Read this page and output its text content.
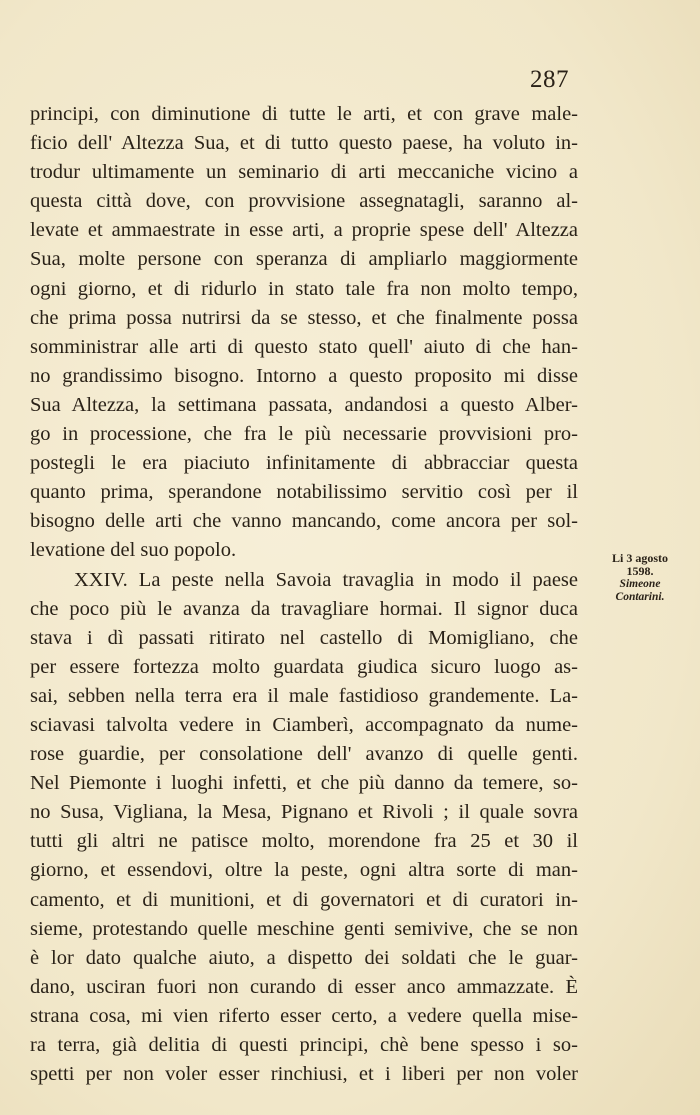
287
principi, con diminutione di tutte le arti, et con grave male-
ficio dell' Altezza Sua, et di tutto questo paese, ha voluto in-
trodur ultimamente un seminario di arti meccaniche vicino a
questa città dove, con provvisione assegnatagli, saranno al-
levate et ammaestrate in esse arti, a proprie spese dell' Altezza
Sua, molte persone con speranza di ampliarlo maggiormente
ogni giorno, et di ridurlo in stato tale fra non molto tempo,
che prima possa nutrirsi da se stesso, et che finalmente possa
somministrar alle arti di questo stato quell' aiuto di che han-
no grandissimo bisogno. Intorno a questo proposito mi disse
Sua Altezza, la settimana passata, andandosi a questo Alber-
go in processione, che fra le più necessarie provvisioni pro-
postegli le era piaciuto infinitamente di abbracciar questa
quanto prima, sperandone notabilissimo servitio così per il
bisogno delle arti che vanno mancando, come ancora per sol-
levatione del suo popolo.
XXIV. La peste nella Savoia travaglia in modo il paese
che poco più le avanza da travagliare hormai. Il signor duca
stava i dì passati ritirato nel castello di Momigliano, che
per essere fortezza molto guardata giudica sicuro luogo as-
sai, sebben nella terra era il male fastidioso grandemente. La-
sciavasi talvolta vedere in Ciamberì, accompagnato da nume-
rose guardie, per consolatione dell' avanzo di quelle genti.
Nel Piemonte i luoghi infetti, et che più danno da temere, so-
no Susa, Vigliana, la Mesa, Pignano et Rivoli ; il quale sovra
tutti gli altri ne patisce molto, morendone fra 25 et 30 il
giorno, et essendovi, oltre la peste, ogni altra sorte di man-
camento, et di munitioni, et di governatori et di curatori in-
sieme, protestando quelle meschine genti semivive, che se non
è lor dato qualche aiuto, a dispetto dei soldati che le guar-
dano, usciran fuori non curando di esser anco ammazzate. È
strana cosa, mi vien riferto esser certo, a vedere quella mise-
ra terra, già delitia di questi principi, chè bene spesso i so-
spetti per non voler esser rinchiusi, et i liberi per non voler
Li 3 agosto
1598.
Simeone
Contarini.
